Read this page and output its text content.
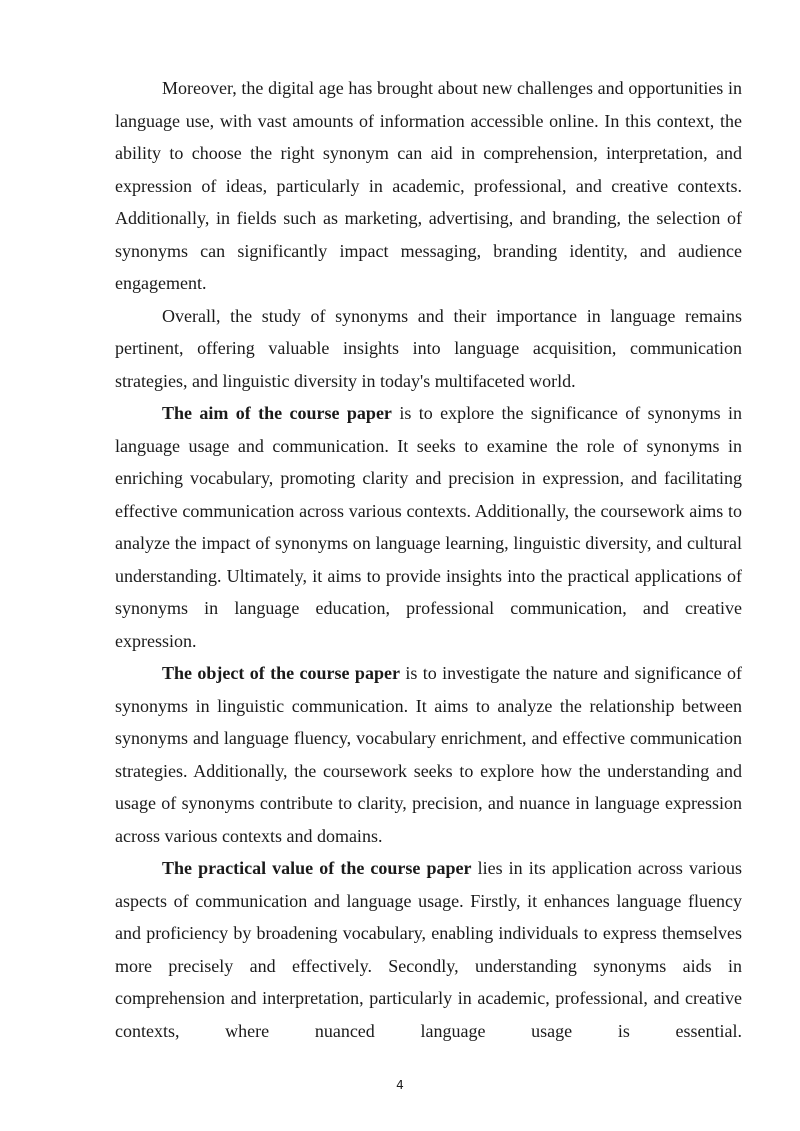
Moreover, the digital age has brought about new challenges and opportunities in language use, with vast amounts of information accessible online. In this context, the ability to choose the right synonym can aid in comprehension, interpretation, and expression of ideas, particularly in academic, professional, and creative contexts. Additionally, in fields such as marketing, advertising, and branding, the selection of synonyms can significantly impact messaging, branding identity, and audience engagement.

Overall, the study of synonyms and their importance in language remains pertinent, offering valuable insights into language acquisition, communication strategies, and linguistic diversity in today's multifaceted world.

The aim of the course paper is to explore the significance of synonyms in language usage and communication. It seeks to examine the role of synonyms in enriching vocabulary, promoting clarity and precision in expression, and facilitating effective communication across various contexts. Additionally, the coursework aims to analyze the impact of synonyms on language learning, linguistic diversity, and cultural understanding. Ultimately, it aims to provide insights into the practical applications of synonyms in language education, professional communication, and creative expression.

The object of the course paper is to investigate the nature and significance of synonyms in linguistic communication. It aims to analyze the relationship between synonyms and language fluency, vocabulary enrichment, and effective communication strategies. Additionally, the coursework seeks to explore how the understanding and usage of synonyms contribute to clarity, precision, and nuance in language expression across various contexts and domains.

The practical value of the course paper lies in its application across various aspects of communication and language usage. Firstly, it enhances language fluency and proficiency by broadening vocabulary, enabling individuals to express themselves more precisely and effectively. Secondly, understanding synonyms aids in comprehension and interpretation, particularly in academic, professional, and creative contexts, where nuanced language usage is essential.

4
